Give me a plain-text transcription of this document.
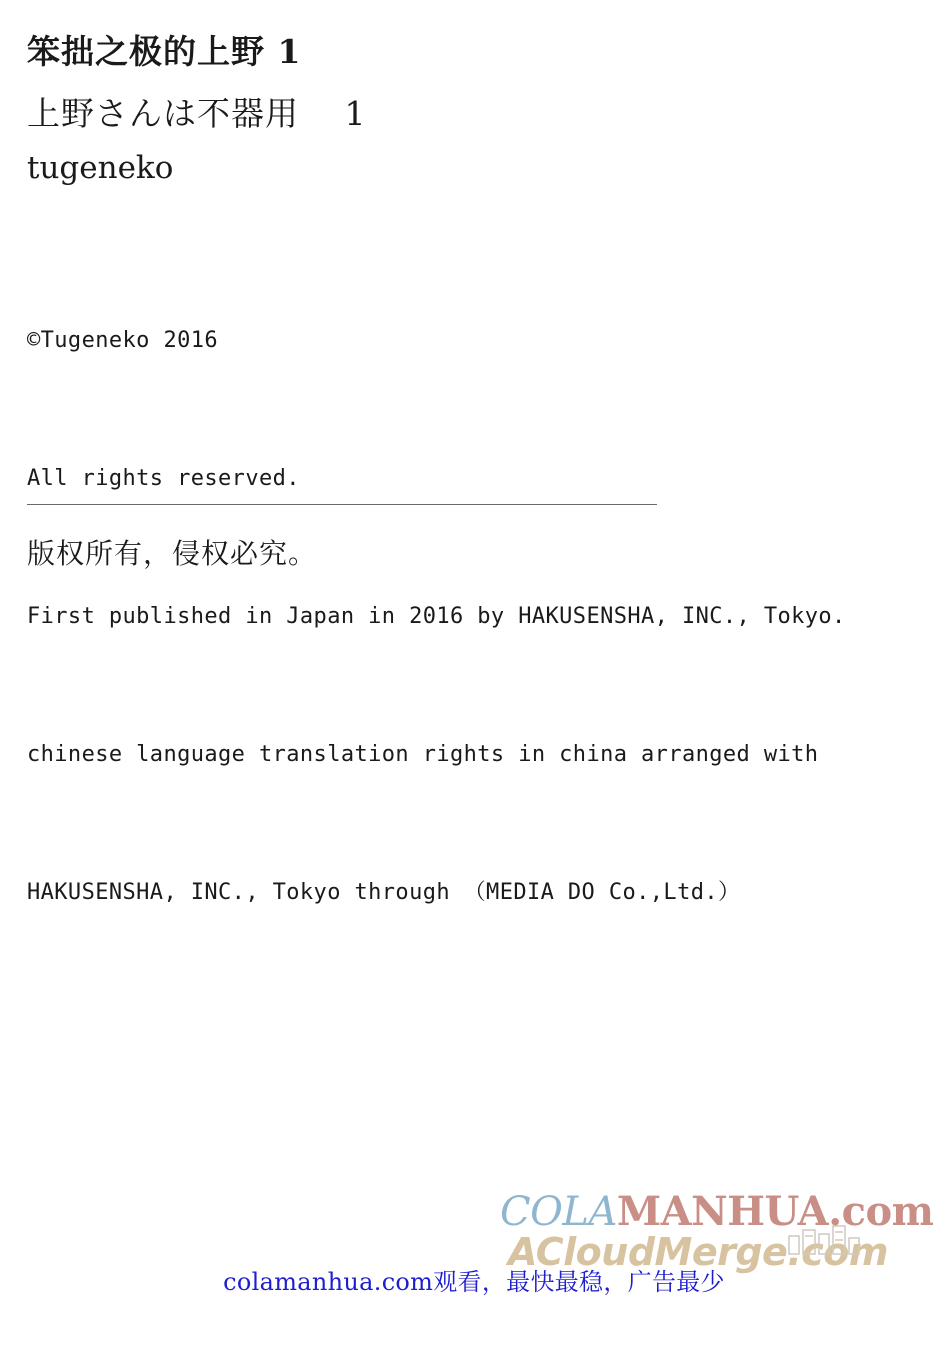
笨拙之极的上野 1
上野さんは不器用　 1
tugeneko

©Tugeneko 2016

All rights reserved.

First published in Japan in 2016 by HAKUSENSHA, INC., Tokyo.

chinese language translation rights in china arranged with

HAKUSENSHA, INC., Tokyo through （MEDIA DO Co.,Ltd.）

版权所有，侵权必究。
COLAMANHUA.com
ACloudMerge.com
colamanhua.com观看，最快最稳，广告最少
